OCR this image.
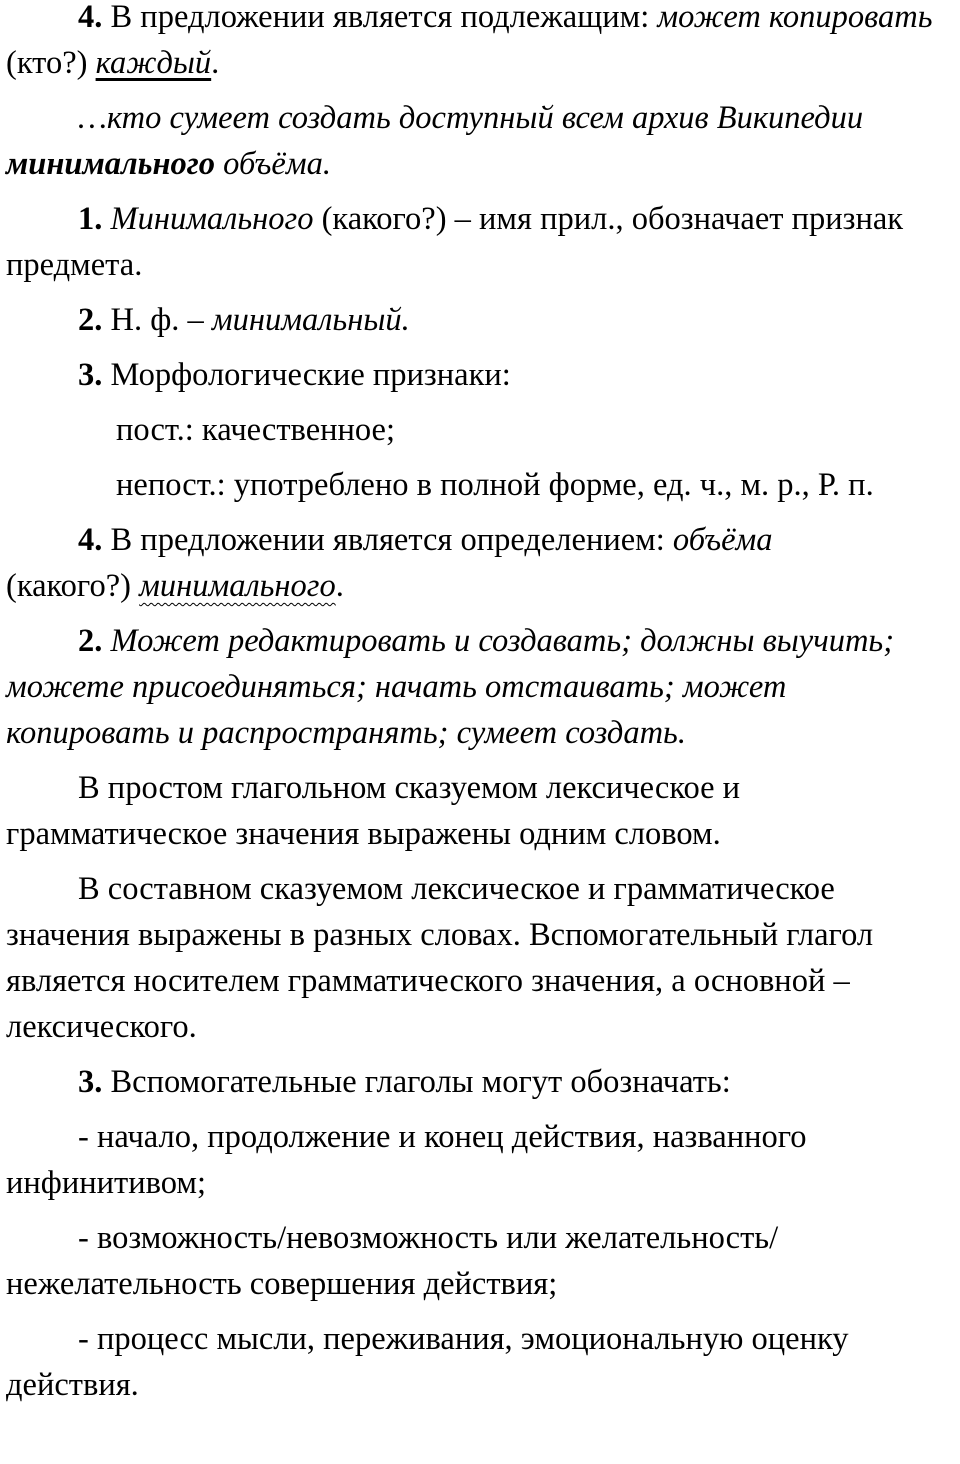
4. В предложении является подлежащим: может копировать (кто?) каждый.

…кто сумеет создать доступный всем архив Википедии минимального объёма.

1. Минимального (какого?) – имя прил., обозначает признак предмета.

2. Н. ф. – минимальный.

3. Морфологические признаки:

пост.: качественное;

непост.: употреблено в полной форме, ед. ч., м. р., Р. п.

4. В предложении является определением: объёма
(какого?) минимального.

2. Может редактировать и создавать; должны выучить; можете присоединяться; начать отстаивать; может копировать и распространять; сумеет создать.

В простом глагольном сказуемом лексическое и грамматическое значения выражены одним словом.

В составном сказуемом лексическое и грамматическое значения выражены в разных словах. Вспомогательный глагол является носителем грамматического значения, а основной – лексического.

3. Вспомогательные глаголы могут обозначать:

- начало, продолжение и конец действия, названного инфинитивом;

- возможность/невозможность или желательность/нежелательность совершения действия;

- процесс мысли, переживания, эмоциональную оценку действия.
